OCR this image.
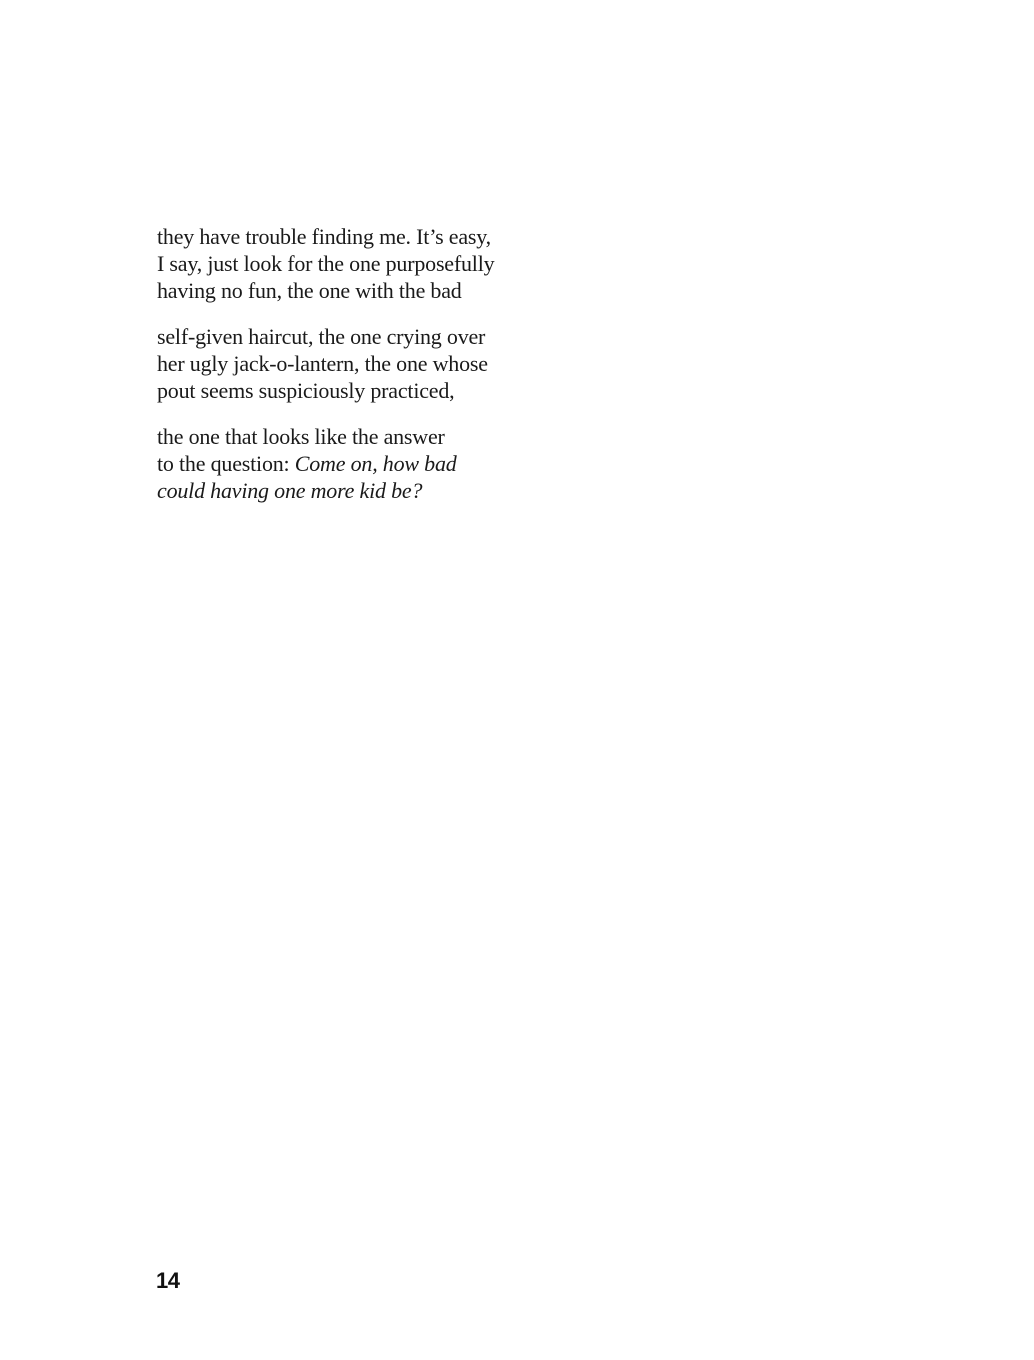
they have trouble finding me. It’s easy,
I say, just look for the one purposefully
having no fun, the one with the bad
self-given haircut, the one crying over
her ugly jack-o-lantern, the one whose
pout seems suspiciously practiced,
the one that looks like the answer
to the question: Come on, how bad
could having one more kid be?
14
